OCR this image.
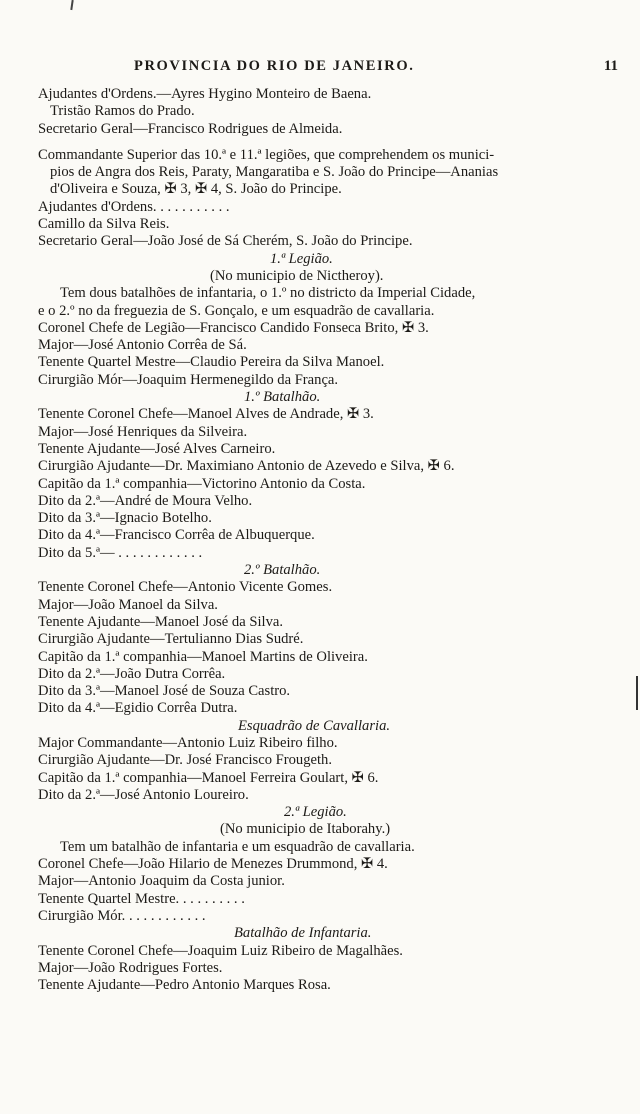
PROVINCIA DO RIO DE JANEIRO.	11
Ajudantes d'Ordens.—Ayres Hygino Monteiro de Baena.
Tristão Ramos do Prado.
Secretario Geral—Francisco Rodrigues de Almeida.
Commandante Superior das 10.ª e 11.ª legiões, que comprehendem os munici-
pios de Angra dos Reis, Paraty, Mangaratiba e S. João do Principe—Ananias
d'Oliveira e Souza, ✠ 3, ✠ 4, S. João do Principe.
Ajudantes d'Ordens. . . . . . . . . . .
Camillo da Silva Reis.
Secretario Geral—João José de Sá Cherém, S. João do Principe.
1.ª Legião.
(No municipio de Nictheroy).
Tem dous batalhões de infantaria, o 1.º no districto da Imperial Cidade,
e o 2.º no da freguezia de S. Gonçalo, e um esquadrão de cavallaria.
Coronel Chefe de Legião—Francisco Candido Fonseca Brito, ✠ 3.
Major—José Antonio Corrêa de Sá.
Tenente Quartel Mestre—Claudio Pereira da Silva Manoel.
Cirurgião Mór—Joaquim Hermenegildo da França.
1.º Batalhão.
Tenente Coronel Chefe—Manoel Alves de Andrade, ✠ 3.
Major—José Henriques da Silveira.
Tenente Ajudante—José Alves Carneiro.
Cirurgião Ajudante—Dr. Maximiano Antonio de Azevedo e Silva, ✠ 6.
Capitão da 1.ª companhia—Victorino Antonio da Costa.
Dito da 2.ª—André de Moura Velho.
Dito da 3.ª—Ignacio Botelho.
Dito da 4.ª—Francisco Corrêa de Albuquerque.
Dito da 5.ª— . . . . . . . . . . . .
2.º Batalhão.
Tenente Coronel Chefe—Antonio Vicente Gomes.
Major—João Manoel da Silva.
Tenente Ajudante—Manoel José da Silva.
Cirurgião Ajudante—Tertulianno Dias Sudré.
Capitão da 1.ª companhia—Manoel Martins de Oliveira.
Dito da 2.ª—João Dutra Corrêa.
Dito da 3.ª—Manoel José de Souza Castro.
Dito da 4.ª—Egidio Corrêa Dutra.
Esquadrão de Cavallaria.
Major Commandante—Antonio Luiz Ribeiro filho.
Cirurgião Ajudante—Dr. José Francisco Frougeth.
Capitão da 1.ª companhia—Manoel Ferreira Goulart, ✠ 6.
Dito da 2.ª—José Antonio Loureiro.
2.ª Legião.
(No municipio de Itaborahy.)
Tem um batalhão de infantaria e um esquadrão de cavallaria.
Coronel Chefe—João Hilario de Menezes Drummond, ✠ 4.
Major—Antonio Joaquim da Costa junior.
Tenente Quartel Mestre. . . . . . . . . .
Cirurgião Mór. . . . . . . . . . . .
Batalhão de Infantaria.
Tenente Coronel Chefe—Joaquim Luiz Ribeiro de Magalhães.
Major—João Rodrigues Fortes.
Tenente Ajudante—Pedro Antonio Marques Rosa.
